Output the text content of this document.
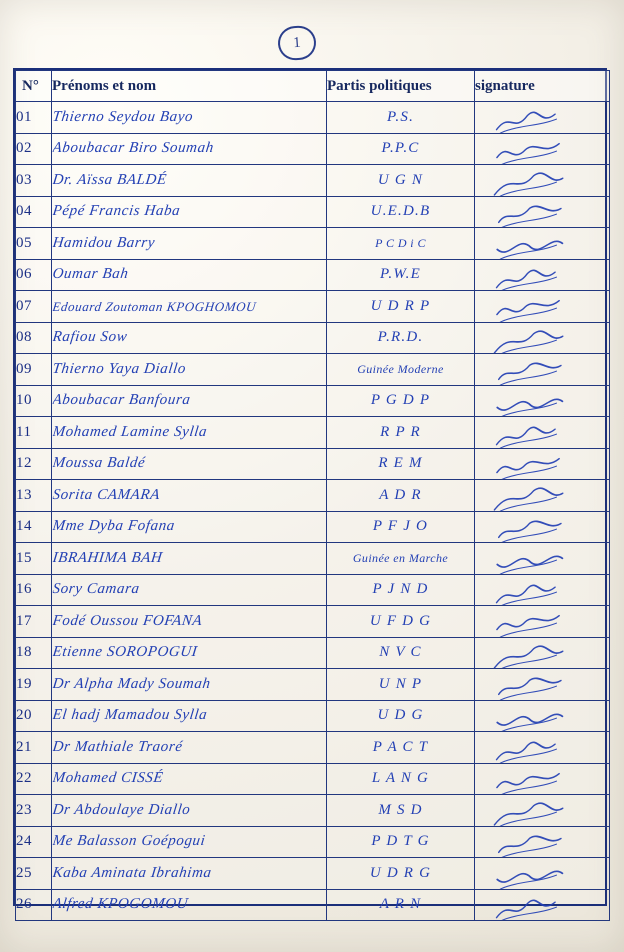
1
N°	Prénoms et nom	Partis politiques	signature
01	Thierno Seydou Bayo	P.S.	

02	Aboubacar Biro Soumah	P.P.C	

03	Dr. Aïssa BALDÉ	U G N	

04	Pépé Francis Haba	U.E.D.B	

05	Hamidou Barry	P C D i C	

06	Oumar Bah	P.W.E	

07	Edouard Zoutoman KPOGHOMOU	U D R P	

08	Rafiou Sow	P.R.D.	

09	Thierno Yaya Diallo	Guinée Moderne	

10	Aboubacar Banfoura	P G D P	

11	Mohamed Lamine Sylla	R P R	

12	Moussa Baldé	R E M	

13	Sorita CAMARA	A D R	

14	Mme Dyba Fofana	P F J O	

15	IBRAHIMA BAH	Guinée en Marche	

16	Sory Camara	P J N D	

17	Fodé Oussou FOFANA	U F D G	

18	Etienne SOROPOGUI	N V C	

19	Dr Alpha Mady Soumah	U N P	

20	El hadj Mamadou Sylla	U D G	

21	Dr Mathiale Traoré	P A C T	

22	Mohamed CISSÉ	L A N G	

23	Dr Abdoulaye Diallo	M S D	

24	Me Balasson Goépogui	P D T G	

25	Kaba Aminata Ibrahima	U D R G	

26	Alfred KPOGOMOU	A R N	
